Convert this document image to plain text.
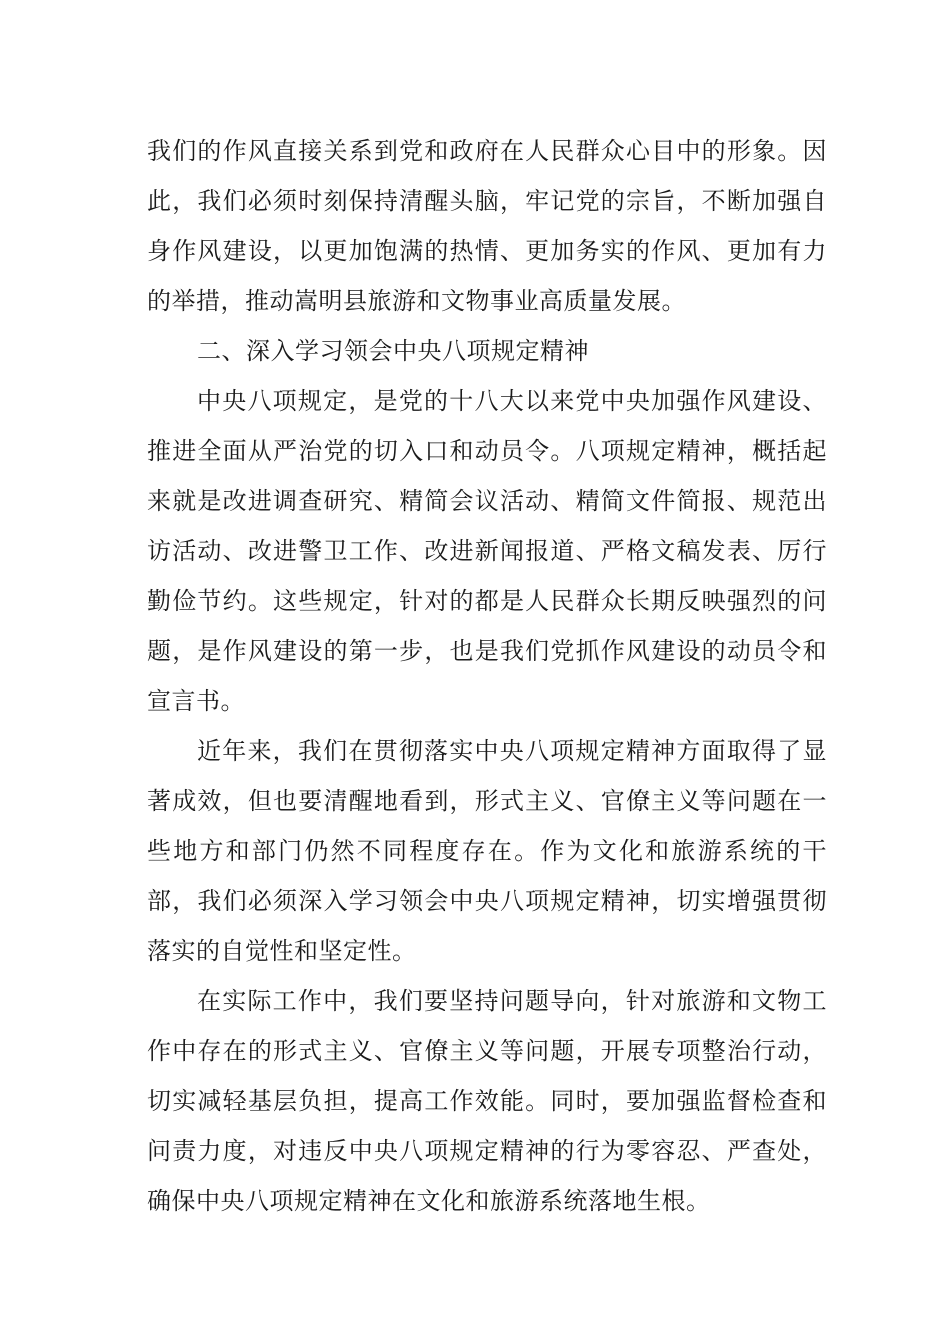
我们的作风直接关系到党和政府在人民群众心目中的形象。因此，我们必须时刻保持清醒头脑，牢记党的宗旨，不断加强自身作风建设，以更加饱满的热情、更加务实的作风、更加有力的举措，推动嵩明县旅游和文物事业高质量发展。

二、深入学习领会中央八项规定精神

中央八项规定，是党的十八大以来党中央加强作风建设、推进全面从严治党的切入口和动员令。八项规定精神，概括起来就是改进调查研究、精简会议活动、精简文件简报、规范出访活动、改进警卫工作、改进新闻报道、严格文稿发表、厉行勤俭节约。这些规定，针对的都是人民群众长期反映强烈的问题，是作风建设的第一步，也是我们党抓作风建设的动员令和宣言书。

近年来，我们在贯彻落实中央八项规定精神方面取得了显著成效，但也要清醒地看到，形式主义、官僚主义等问题在一些地方和部门仍然不同程度存在。作为文化和旅游系统的干部，我们必须深入学习领会中央八项规定精神，切实增强贯彻落实的自觉性和坚定性。

在实际工作中，我们要坚持问题导向，针对旅游和文物工作中存在的形式主义、官僚主义等问题，开展专项整治行动，切实减轻基层负担，提高工作效能。同时，要加强监督检查和问责力度，对违反中央八项规定精神的行为零容忍、严查处，确保中央八项规定精神在文化和旅游系统落地生根。
